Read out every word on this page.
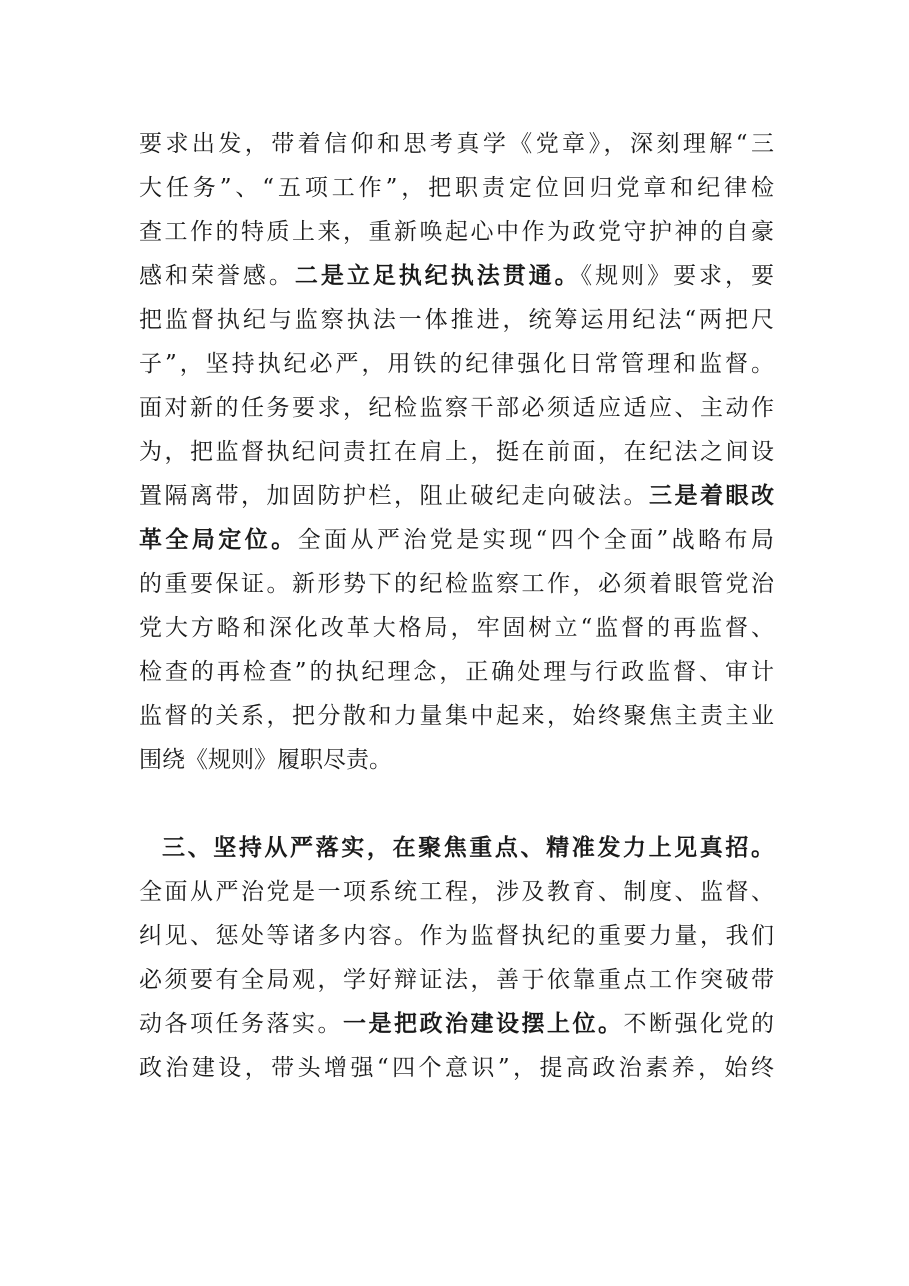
要求出发，带着信仰和思考真学《党章》，深刻理解“三
大任务”、“五项工作”，把职责定位回归党章和纪律检
查工作的特质上来，重新唤起心中作为政党守护神的自豪
感和荣誉感。二是立足执纪执法贯通。《规则》要求，要
把监督执纪与监察执法一体推进，统筹运用纪法“两把尺
子”，坚持执纪必严，用铁的纪律强化日常管理和监督。
面对新的任务要求，纪检监察干部必须适应适应、主动作
为，把监督执纪问责扛在肩上，挺在前面，在纪法之间设
置隔离带，加固防护栏，阻止破纪走向破法。三是着眼改
革全局定位。全面从严治党是实现“四个全面”战略布局
的重要保证。新形势下的纪检监察工作，必须着眼管党治
党大方略和深化改革大格局，牢固树立“监督的再监督、
检查的再检查”的执纪理念，正确处理与行政监督、审计
监督的关系，把分散和力量集中起来，始终聚焦主责主业
围绕《规则》履职尽责。
三、坚持从严落实，在聚焦重点、精准发力上见真招。
全面从严治党是一项系统工程，涉及教育、制度、监督、
纠见、惩处等诸多内容。作为监督执纪的重要力量，我们
必须要有全局观，学好辩证法，善于依靠重点工作突破带
动各项任务落实。一是把政治建设摆上位。不断强化党的
政治建设，带头增强“四个意识”，提高政治素养，始终
